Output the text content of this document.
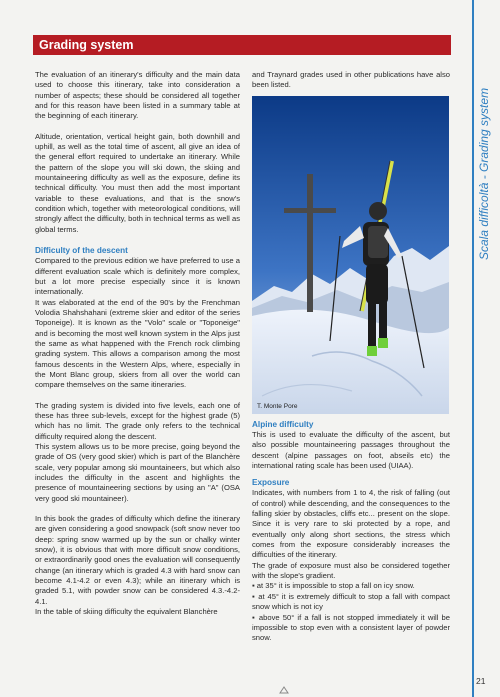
Grading system
Scala difficoltà - Grading system

The evaluation of an itinerary's difficulty and the main data used to choose this itinerary, take into consideration a number of aspects; these should be considered all together and for this reason have been listed in a summary table at the beginning of each itinerary.

Altitude, orientation, vertical height gain, both downhill and uphill, as well as the total time of ascent, all give an idea of the general effort required to undertake an itinerary. While the pattern of the slope you will ski down, the skiing and mountaineering difficulty as well as the exposure, define its technical difficulty. You must then add the most important variable to these evaluations, and that is the snow's condition which, together with meteorological conditions, will strongly affect the difficulty, both in technical terms as well as global terms.

Difficulty of the descent

Compared to the previous edition we have preferred to use a different evaluation scale which is definitely more complex, but a lot more precise especially since it is known internationally.

It was elaborated at the end of the 90's by the Frenchman Volodia Shahshahani (extreme skier and editor of the series Toponeige). It is known as the "Volo" scale or "Toponeige" and is becoming the most well known system in the Alps just the same as what happened with the French rock climbing grading system. This allows a comparison among the most famous descents in the Western Alps, where, especially in the Mont Blanc group, skiers from all over the world can compare themselves on the same itineraries.

The grading system is divided into five levels, each one of these has three sub-levels, except for the highest grade (5) which has no limit. The grade only refers to the technical difficulty required along the descent.

This system allows us to be more precise, going beyond the grade of OS (very good skier) which is part of the Blanchère scale, very popular among ski mountaineers, but which also includes the difficulty in the ascent and highlights the presence of mountaineering sections by using an "A" (OSA very good ski mountaineer).

In this book the grades of difficulty which define the itinerary are given considering a good snowpack (soft snow never too deep: spring snow warmed up by the sun or chalky winter snow), it is obvious that with more difficult snow conditions, or extraordinarily good ones the evaluation will consequently change (an itinerary which is graded 4.3 with hard snow can become 4.1-4.2 or even 4.3); while an itinerary which is graded 5.1, with powder snow can be considered 4.3.-4.2-4.1.

In the table of skiing difficulty the equivalent Blanchère

and Traynard grades used in other publications have also been listed.

T. Monte Pore
Alpine difficulty

This is used to evaluate the difficulty of the ascent, but also possible mountaineering passages throughout the descent (alpine passages on foot, abseils etc) the international rating scale has been used (UIAA).

Exposure

Indicates, with numbers from 1 to 4, the risk of falling (out of control) while descending, and the consequences to the falling skier by obstacles, cliffs etc... present on the slope. Since it is very rare to ski protected by a rope, and eventually only along short sections, the stress which comes from the exposure considerably increases the difficulties of the itinerary.

The grade of exposure must also be considered together with the slope's gradient.

▪ at 35° it is impossible to stop a fall on icy snow.

▪ at 45° it is extremely difficult to stop a fall with compact snow which is not icy

▪ above 50° if a fall is not stopped immediately it will be impossible to stop even with a consistent layer of powder snow.

21
